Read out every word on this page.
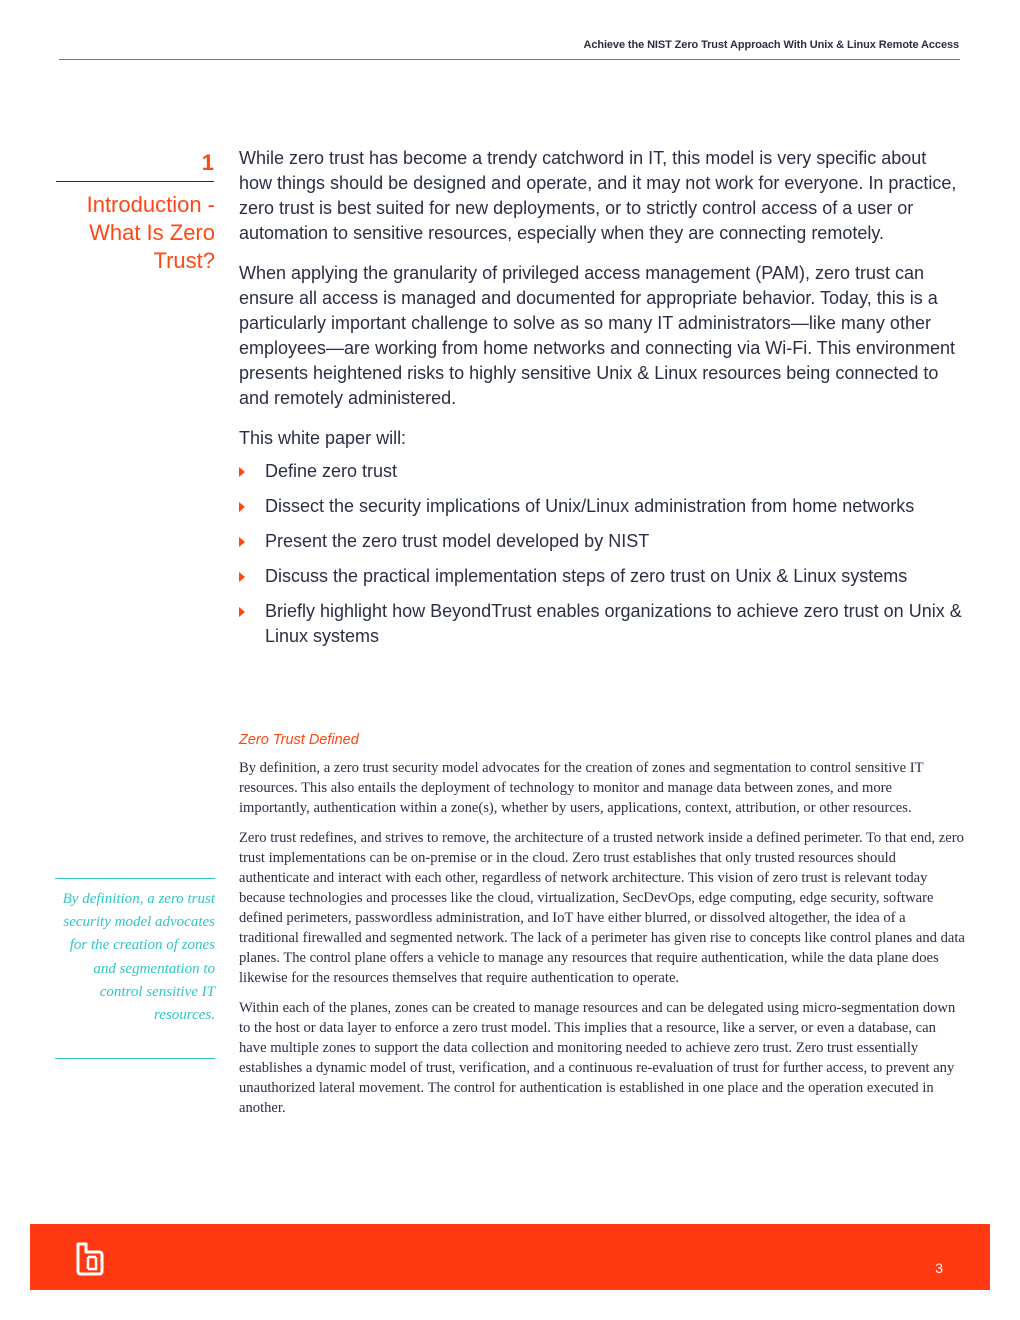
Achieve the NIST Zero Trust Approach With Unix & Linux Remote Access
1
Introduction - What Is Zero Trust?

While zero trust has become a trendy catchword in IT, this model is very specific about how things should be designed and operate, and it may not work for everyone. In practice, zero trust is best suited for new deployments, or to strictly control access of a user or automation to sensitive resources, especially when they are connecting remotely.

When applying the granularity of privileged access management (PAM), zero trust can ensure all access is managed and documented for appropriate behavior. Today, this is a particularly important challenge to solve as so many IT administrators—like many other employees—are working from home networks and connecting via Wi-Fi. This environment presents heightened risks to highly sensitive Unix & Linux resources being connected to and remotely administered.

This white paper will:

Define zero trust
Dissect the security implications of Unix/Linux administration from home networks
Present the zero trust model developed by NIST
Discuss the practical implementation steps of zero trust on Unix & Linux systems
Briefly highlight how BeyondTrust enables organizations to achieve zero trust on Unix & Linux systems
Zero Trust Defined

By definition, a zero trust security model advocates for the creation of zones and segmentation to control sensitive IT resources. This also entails the deployment of technology to monitor and manage data between zones, and more importantly, authentication within a zone(s), whether by users, applications, context, attribution, or other resources.

Zero trust redefines, and strives to remove, the architecture of a trusted network inside a defined perimeter. To that end, zero trust implementations can be on-premise or in the cloud. Zero trust establishes that only trusted resources should authenticate and interact with each other, regardless of network architecture. This vision of zero trust is relevant today because technologies and processes like the cloud, virtualization, SecDevOps, edge computing, edge security, software defined perimeters, passwordless administration, and IoT have either blurred, or dissolved altogether, the idea of a traditional firewalled and segmented network. The lack of a perimeter has given rise to concepts like control planes and data planes. The control plane offers a vehicle to manage any resources that require authentication, while the data plane does likewise for the resources themselves that require authentication to operate.

Within each of the planes, zones can be created to manage resources and can be delegated using micro-segmentation down to the host or data layer to enforce a zero trust model. This implies that a resource, like a server, or even a database, can have multiple zones to support the data collection and monitoring needed to achieve zero trust. Zero trust essentially establishes a dynamic model of trust, verification, and a continuous re-evaluation of trust for further access, to prevent any unauthorized lateral movement. The control for authentication is established in one place and the operation executed in another.

By definition, a zero trust security model advocates for the creation of zones and segmentation to control sensitive IT resources.
3
